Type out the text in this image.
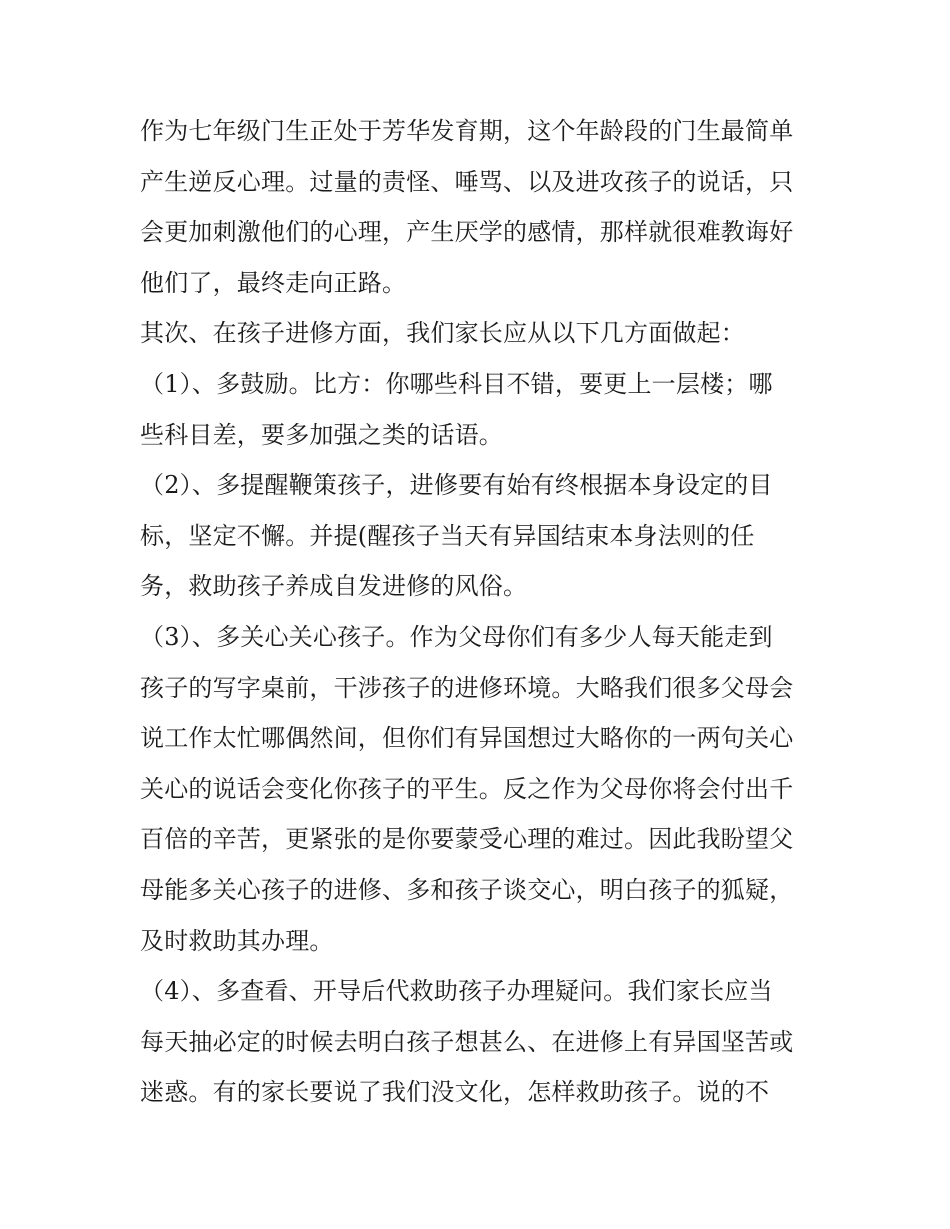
作为七年级门生正处于芳华发育期，这个年龄段的门生最简单
产生逆反心理。过量的责怪、唾骂、以及进攻孩子的说话，只
会更加刺激他们的心理，产生厌学的感情，那样就很难教诲好
他们了，最终走向正路。
其次、在孩子进修方面，我们家长应从以下几方面做起：
（1）、多鼓励。比方：你哪些科目不错，要更上一层楼；哪
些科目差，要多加强之类的话语。
（2）、多提醒鞭策孩子，进修要有始有终根据本身设定的目
标，坚定不懈。并提(醒孩子当天有异国结束本身法则的任
务，救助孩子养成自发进修的风俗。
（3）、多关心关心孩子。作为父母你们有多少人每天能走到
孩子的写字桌前，干涉孩子的进修环境。大略我们很多父母会
说工作太忙哪偶然间，但你们有异国想过大略你的一两句关心
关心的说话会变化你孩子的平生。反之作为父母你将会付出千
百倍的辛苦，更紧张的是你要蒙受心理的难过。因此我盼望父
母能多关心孩子的进修、多和孩子谈交心，明白孩子的狐疑，
及时救助其办理。
（4）、多查看、开导后代救助孩子办理疑问。我们家长应当
每天抽必定的时候去明白孩子想甚么、在进修上有异国坚苦或
迷惑。有的家长要说了我们没文化，怎样救助孩子。说的不
